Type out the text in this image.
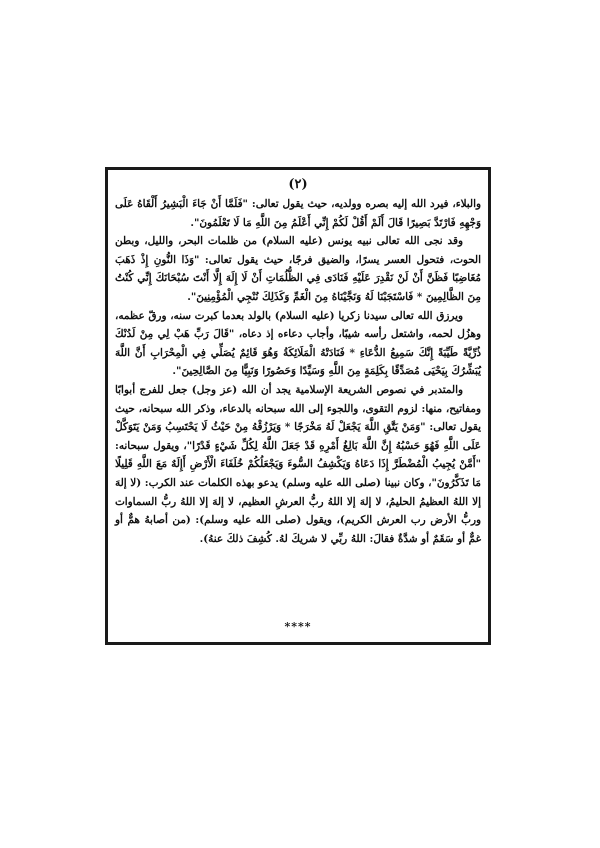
(٢)

والبلاء، فيرد الله إليه بصره وولديه، حيث يقول تعالى: "فَلَمَّا أَنْ جَاءَ الْبَشِيرُ أَلْقَاهُ عَلَى وَجْهِهِ فَارْتَدَّ بَصِيرًا قَالَ أَلَمْ أَقُلْ لَكُمْ إِنِّي أَعْلَمُ مِنَ اللَّهِ مَا لَا تَعْلَمُونَ".

وقد نجى الله تعالى نبيه يونس (عليه السلام) من ظلمات البحر، والليل، وبطن الحوت، فتحول العسر يسرًا، والضيق فرجًا، حيث يقول تعالى: "وَذَا النُّونِ إِذْ ذَهَبَ مُغَاضِبًا فَظَنَّ أَنْ لَنْ نَقْدِرَ عَلَيْهِ فَنَادَى فِي الظُّلُمَاتِ أَنْ لَا إِلَهَ إِلَّا أَنْتَ سُبْحَانَكَ إِنِّي كُنْتُ مِنَ الظَّالِمِينَ * فَاسْتَجَبْنَا لَهُ وَنَجَّيْنَاهُ مِنَ الْغَمِّ وَكَذَلِكَ نُنْجِي الْمُؤْمِنِينَ".

ويرزق الله تعالى سيدنا زكريا (عليه السلام) بالولد بعدما كبرت سنه، ورقّ عظمه، وهزُل لحمه، واشتعل رأسه شيبًا، وأجاب دعاءه إذ دعاه، "قَالَ رَبِّ هَبْ لِي مِنْ لَدُنْكَ ذُرِّيَّةً طَيِّبَةً إِنَّكَ سَمِيعُ الدُّعَاءِ * فَنَادَتْهُ الْمَلَائِكَةُ وَهُوَ قَائِمٌ يُصَلِّي فِي الْمِحْرَابِ أَنَّ اللَّهَ يُبَشِّرُكَ بِيَحْيَى مُصَدِّقًا بِكَلِمَةٍ مِنَ اللَّهِ وَسَيِّدًا وَحَصُورًا وَنَبِيًّا مِنَ الصَّالِحِينَ".

والمتدبر في نصوص الشريعة الإسلامية يجد أن الله (عز وجل) جعل للفرج أبوابًا ومفاتيح، منها: لزوم التقوى، واللجوء إلى الله سبحانه بالدعاء، وذكر الله سبحانه، حيث يقول تعالى: "وَمَنْ يَتَّقِ اللَّهَ يَجْعَلْ لَهُ مَخْرَجًا * وَيَرْزُقْهُ مِنْ حَيْثُ لَا يَحْتَسِبُ وَمَنْ يَتَوَكَّلْ عَلَى اللَّهِ فَهُوَ حَسْبُهُ إِنَّ اللَّهَ بَالِغُ أَمْرِهِ قَدْ جَعَلَ اللَّهُ لِكُلِّ شَيْءٍ قَدْرًا"، ويقول سبحانه: "أَمَّنْ يُجِيبُ الْمُضْطَرَّ إِذَا دَعَاهُ وَيَكْشِفُ السُّوءَ وَيَجْعَلُكُمْ خُلَفَاءَ الْأَرْضِ أَإِلَهٌ مَعَ اللَّهِ قَلِيلًا مَا تَذَكَّرُونَ"، وكان نبينا (صلى الله عليه وسلم) يدعو بهذه الكلمات عند الكرب: (لا إلهَ إلا اللهُ العظيمُ الحليمُ، لا إلهَ إلا اللهُ ربُّ العرشِ العظيم، لا إلهَ إلا اللهُ ربُّ السماوات وربُّ الأرض رب العرش الكريم)، ويقول (صلى الله عليه وسلم): (من أصابهُ همٌّ أو غمٌّ أو سَقَمٌ أو شدَّةٌ فقالَ: اللهُ ربِّي لا شريكَ لهُ. كُشِفَ ذلكَ عنهُ).

****
